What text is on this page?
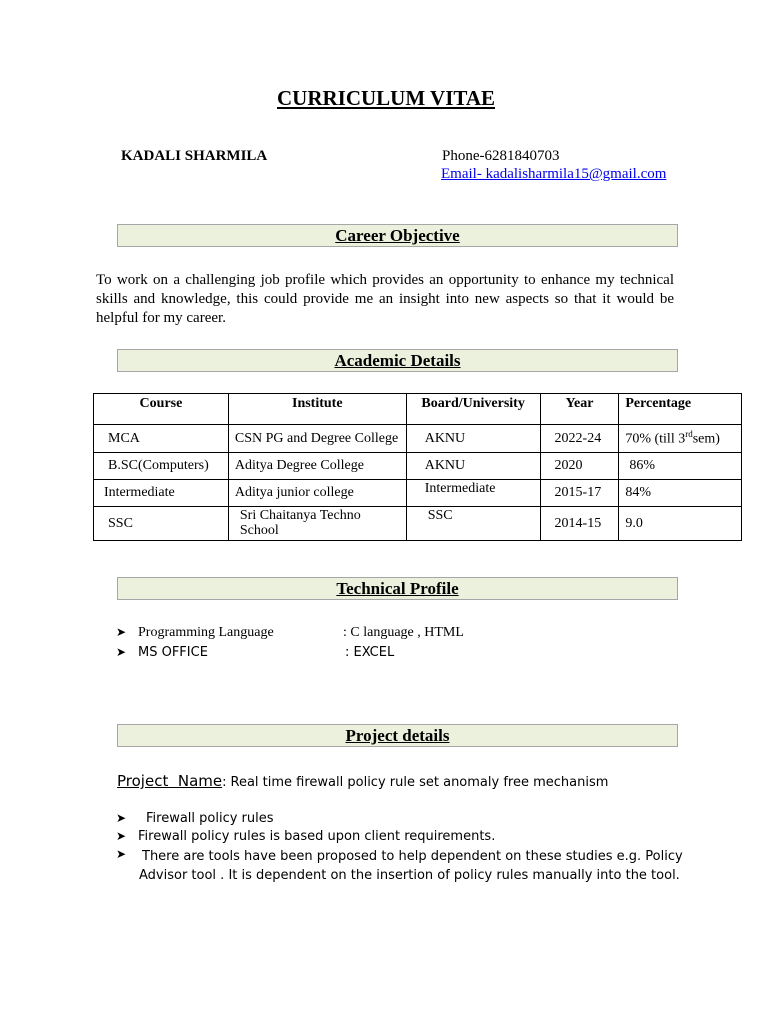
CURRICULUM VITAE
KADALI SHARMILA	Phone-6281840703
Email- kadalisharmila15@gmail.com
Career Objective
To work on a challenging job profile which provides an opportunity to enhance my technical skills and knowledge, this could provide me an insight into new aspects so that it would be helpful for my career.
Academic Details
Course	Institute	Board/University	Year	Percentage
MCA	CSN PG and Degree College	AKNU	2022-24	70% (till 3rdsem)
B.SC(Computers)	Aditya Degree College	AKNU	2020	86%
Intermediate	Aditya junior college	Intermediate	2015-17	84%
SSC	Sri Chaitanya Techno School	SSC	2014-15	9.0
Technical Profile
➤ Programming Language	: C language , HTML
➤ MS OFFICE	: EXCEL
Project details
Project  Name: Real time firewall policy rule set anomaly free mechanism
➤ Firewall policy rules
➤ Firewall policy rules is based upon client requirements.
➤	There are tools have been proposed to help dependent on these studies e.g. Policy Advisor tool . It is dependent on the insertion of policy rules manually into the tool.
